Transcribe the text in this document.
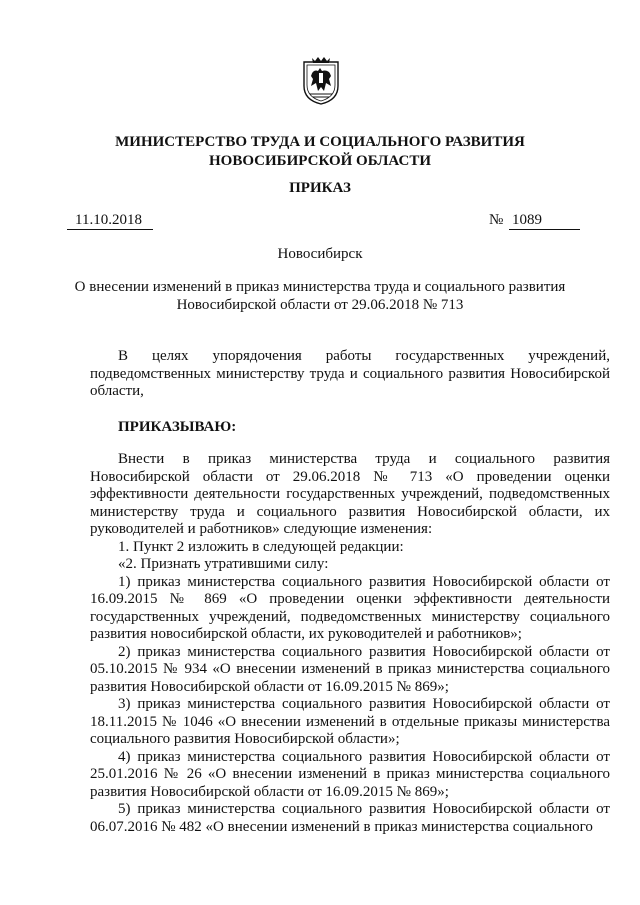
МИНИСТЕРСТВО ТРУДА И СОЦИАЛЬНОГО РАЗВИТИЯ
НОВОСИБИРСКОЙ ОБЛАСТИ
ПРИКАЗ
11.10.2018	№ 1089
Новосибирск
О внесении изменений в приказ министерства труда и социального развития
Новосибирской области от 29.06.2018 № 713

В целях упорядочения работы государственных учреждений, подведомственных министерству труда и социального развития Новосибирской области,

ПРИКАЗЫВАЮ:

Внести в приказ министерства труда и социального развития Новосибирской области от 29.06.2018 № 713 «О проведении оценки эффективности деятельности государственных учреждений, подведомственных министерству труда и социального развития Новосибирской области, их руководителей и работников» следующие изменения:

1. Пункт 2 изложить в следующей редакции:

«2. Признать утратившими силу:

1) приказ министерства социального развития Новосибирской области от 16.09.2015 № 869 «О проведении оценки эффективности деятельности государственных учреждений, подведомственных министерству социального развития новосибирской области, их руководителей и работников»;

2) приказ министерства социального развития Новосибирской области от 05.10.2015 № 934 «О внесении изменений в приказ министерства социального развития Новосибирской области от 16.09.2015 № 869»;

3) приказ министерства социального развития Новосибирской области от 18.11.2015 № 1046 «О внесении изменений в отдельные приказы министерства социального развития Новосибирской области»;

4) приказ министерства социального развития Новосибирской области от 25.01.2016 № 26 «О внесении изменений в приказ министерства социального развития Новосибирской области от 16.09.2015 № 869»;

5) приказ министерства социального развития Новосибирской области от 06.07.2016 № 482 «О внесении изменений в приказ министерства социального
